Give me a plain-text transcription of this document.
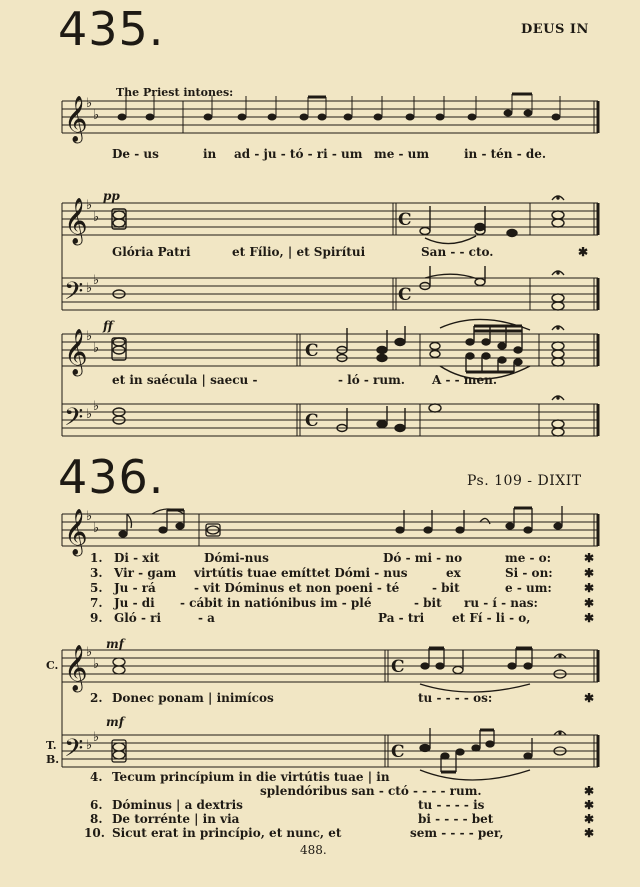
435.	DEUS IN
The Priest intones:
𝄞
𝄞
𝄞
𝄞
𝄞
𝄢
𝄢
𝄢
♭
♭
♭
♭
♭
♭
♭
♭
♭
♭
♭
♭
♭
♭
♭
♭
C
C
C
C
C
C
pp
ff
mf
mf
De - us	in ad - ju - tó - ri - um me - um	in - tén - de.
Glória Patri	et Fílio, | et Spirítui	San - - cto.	✱
et in saécula | saecu -	- ló - rum. A - - men.
436.	Ps. 109 - DIXIT
1. Di - xit	Dómi-nus	Dó - mi - no	me - o:	✱
3. Vir - gam virtútis tuae emíttet Dómi - nus	ex	Si - on:	✱
5. Ju - rá	- vit Dóminus et non poeni - té	- bit	e - um:	✱
7. Ju - di - cábit in natiónibus im - plé	- bit ru - í - nas:	✱
9. Gló - ri	- a	Pa - tri et Fí - li - o,	✱
C.
T.
B.
2. Donec ponam | inimícos	tu - - - - os:	✱
4. Tecum princípium in die virtútis tuae | in
splendóribus san - ctó - - - - rum.	✱
6. Dóminus | a dextris	tu - - - - is	✱
8. De torrénte | in via	bi - - - - bet	✱
10. Sicut erat in princípio, et nunc, et	sem - - - - per,	✱
488.
